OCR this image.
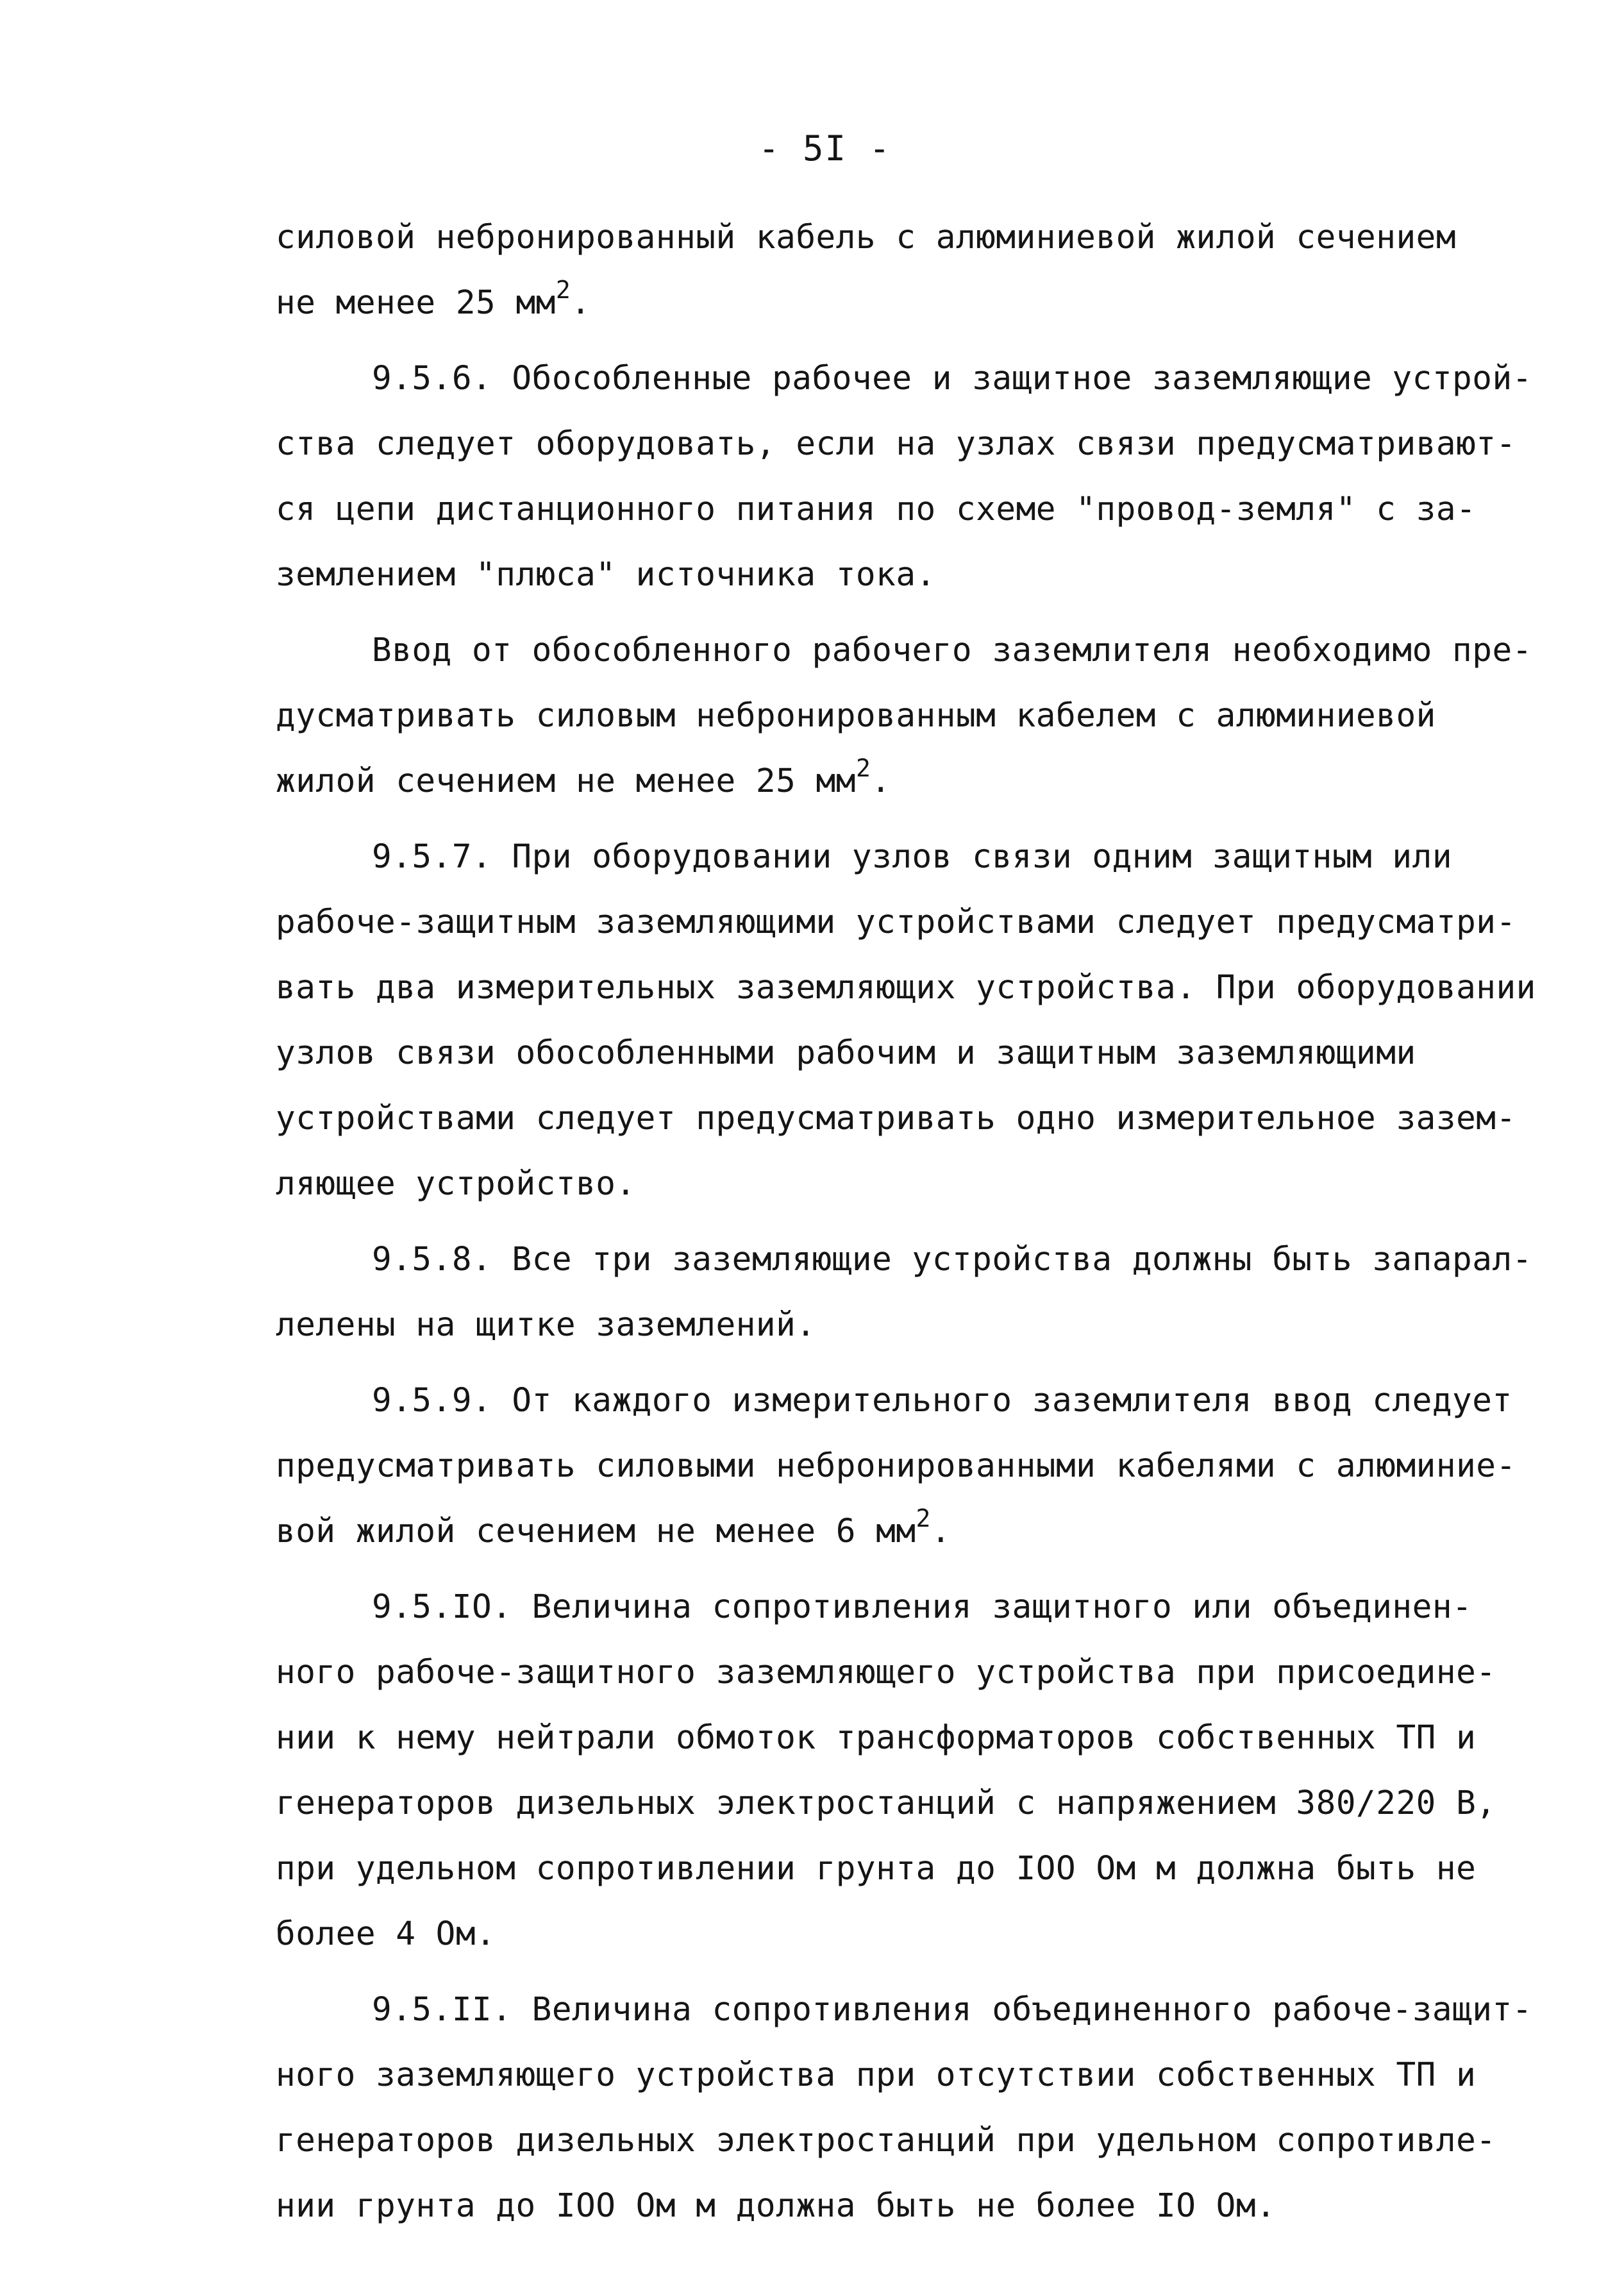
- 5I -
силовой небронированный кабель с алюминиевой жилой сечением
не менее 25 $мм^2$.
9.5.6. Обособленные рабочее и защитное заземляющие устрой-
ства следует оборудовать, если на узлах связи предусматривают-
ся цепи дистанционного питания по схеме "провод-земля" с за-
землением "плюса" источника тока.
Ввод от обособленного рабочего заземлителя необходимо пре-
дусматривать силовым небронированным кабелем с алюминиевой
жилой сечением не менее 25 $мм^2$.
9.5.7. При оборудовании узлов связи одним защитным или
рабоче-защитным заземляющими устройствами следует предусматри-
вать два измерительных заземляющих устройства. При оборудовании
узлов связи обособленными рабочим и защитным заземляющими
устройствами следует предусматривать одно измерительное зазем-
ляющее устройство.
9.5.8. Все три заземляющие устройства должны быть запарал-
лелены на щитке заземлений.
9.5.9. От каждого измерительного заземлителя ввод следует
предусматривать силовыми небронированными кабелями с алюминие-
вой жилой сечением не менее 6 $мм^2$.
9.5.IO. Величина сопротивления защитного или объединен-
ного рабоче-защитного заземляющего устройства при присоедине-
нии к нему нейтрали обмоток трансформаторов собственных ТП и
генераторов дизельных электростанций с напряжением 380/220 В,
при удельном сопротивлении грунта до IOO Ом м должна быть не
более 4 Ом.
9.5.II. Величина сопротивления объединенного рабоче-защит-
ного заземляющего устройства при отсутствии собственных ТП и
генераторов дизельных электростанций при удельном сопротивле-
нии грунта до IOO Ом м должна быть не более IO Ом.
